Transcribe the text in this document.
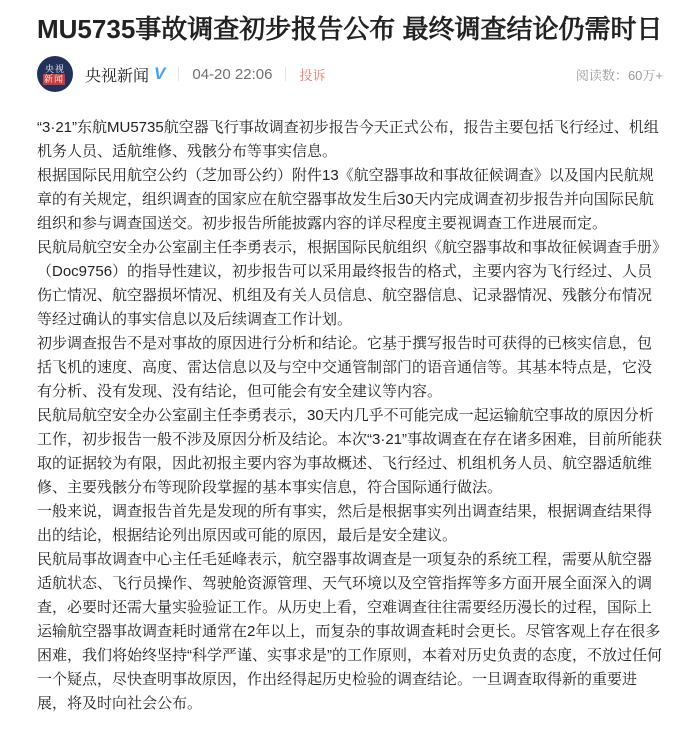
MU5735事故调查初步报告公布 最终调查结论仍需时日
央视
新闻 央视新闻 V 04-20 22:06 投诉	阅读数：60万+

“3·21”东航MU5735航空器飞行事故调查初步报告今天正式公布，报告主要包括飞行经过、机组机务人员、适航维修、残骸分布等事实信息。

根据国际民用航空公约（芝加哥公约）附件13《航空器事故和事故征候调查》以及国内民航规章的有关规定，组织调查的国家应在航空器事故发生后30天内完成调查初步报告并向国际民航组织和参与调查国送交。初步报告所能披露内容的详尽程度主要视调查工作进展而定。

民航局航空安全办公室副主任李勇表示，根据国际民航组织《航空器事故和事故征候调查手册》（Doc9756）的指导性建议，初步报告可以采用最终报告的格式，主要内容为飞行经过、人员伤亡情况、航空器损坏情况、机组及有关人员信息、航空器信息、记录器情况、残骸分布情况等经过确认的事实信息以及后续调查工作计划。

初步调查报告不是对事故的原因进行分析和结论。它基于撰写报告时可获得的已核实信息，包括飞机的速度、高度、雷达信息以及与空中交通管制部门的语音通信等。其基本特点是，它没有分析、没有发现、没有结论，但可能会有安全建议等内容。

民航局航空安全办公室副主任李勇表示，30天内几乎不可能完成一起运输航空事故的原因分析工作，初步报告一般不涉及原因分析及结论。本次“3·21”事故调查在存在诸多困难，目前所能获取的证据较为有限，因此初报主要内容为事故概述、飞行经过、机组机务人员、航空器适航维修、主要残骸分布等现阶段掌握的基本事实信息，符合国际通行做法。

一般来说，调查报告首先是发现的所有事实，然后是根据事实列出调查结果，根据调查结果得出的结论，根据结论列出原因或可能的原因，最后是安全建议。

民航局事故调查中心主任毛延峰表示，航空器事故调查是一项复杂的系统工程，需要从航空器适航状态、飞行员操作、驾驶舱资源管理、天气环境以及空管指挥等多方面开展全面深入的调查，必要时还需大量实验验证工作。从历史上看，空难调查往往需要经历漫长的过程，国际上运输航空器事故调查耗时通常在2年以上，而复杂的事故调查耗时会更长。尽管客观上存在很多困难，我们将始终坚持“科学严谨、实事求是”的工作原则，本着对历史负责的态度，不放过任何一个疑点，尽快查明事故原因，作出经得起历史检验的调查结论。一旦调查取得新的重要进展，将及时向社会公布。
